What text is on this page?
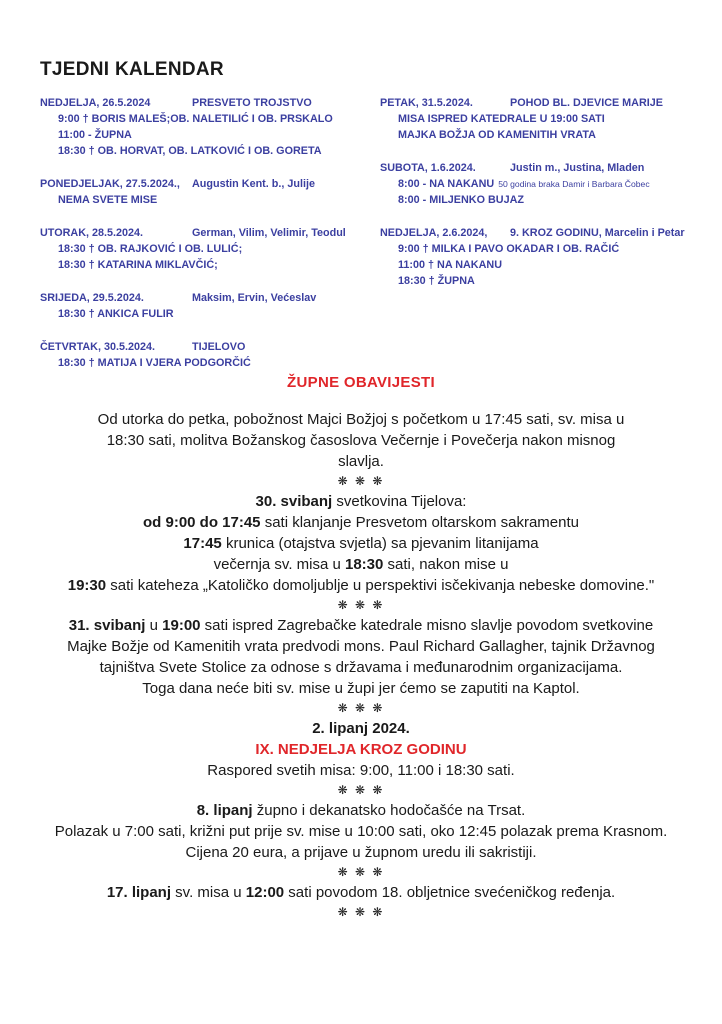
TJEDNI KALENDAR
NEDJELJA, 26.5.2024	PRESVETO TROJSTVO
9:00 † BORIS MALEŠ;OB. NALETILIĆ I OB. PRSKALO
11:00 - ŽUPNA
18:30 † OB. HORVAT, OB. LATKOVIĆ I OB. GORETA
PONEDJELJAK, 27.5.2024., Augustin Kent. b., Julije
NEMA SVETE MISE
UTORAK, 28.5.2024.	German, Vilim, Velimir, Teodul
18:30 † OB. RAJKOVIĆ I OB. LULIĆ;
18:30 † KATARINA MIKLAVČIĆ;
SRIJEDA, 29.5.2024.	Maksim, Ervin, Većeslav
18:30 † ANKICA FULIR
ČETVRTAK, 30.5.2024.	TIJELOVO
18:30 † MATIJA I VJERA PODGORČIĆ
PETAK, 31.5.2024.	POHOD BL. DJEVICE MARIJE
MISA ISPRED KATEDRALE U 19:00 SATI
MAJKA BOŽJA OD KAMENITIH VRATA
SUBOTA, 1.6.2024.	Justin m., Justina, Mladen
8:00 - NA NAKANU 50 godina braka Damir i Barbara Čobec
8:00 - MILJENKO BUJAZ
NEDJELJA, 2.6.2024, 9. KROZ GODINU, Marcelin i Petar
9:00 † MILKA I PAVO OKADAR I OB. RAČIĆ
11:00 † NA NAKANU
18:30 † ŽUPNA
ŽUPNE OBAVIJESTI

Od utorka do petka, pobožnost Majci Božjoj s početkom u 17:45 sati, sv. misa u 18:30 sati, molitva Božanskog časoslova Večernje i Povečerja nakon misnog slavlja.

❋ ❋ ❋

30. svibanj svetkovina Tijelova:

od 9:00 do 17:45 sati klanjanje Presvetom oltarskom sakramentu

17:45 krunica (otajstva svjetla) sa pjevanim litanijama

večernja sv. misa u 18:30 sati, nakon mise u

19:30 sati kateheza „Katoličko domoljublje u perspektivi isčekivanja nebeske domovine."

❋ ❋ ❋

31. svibanj u 19:00 sati ispred Zagrebačke katedrale misno slavlje povodom svetkovine Majke Božje od Kamenitih vrata predvodi mons. Paul Richard Gallagher, tajnik Državnog tajništva Svete Stolice za odnose s državama i međunarodnim organizacijama.

Toga dana neće biti sv. mise u župi jer ćemo se zaputiti na Kaptol.

❋ ❋ ❋

2. lipanj 2024.

IX. NEDJELJA KROZ GODINU

Raspored svetih misa: 9:00, 11:00 i 18:30 sati.

❋ ❋ ❋

8. lipanj župno i dekanatsko hodočašće na Trsat.

Polazak u 7:00 sati, križni put prije sv. mise u 10:00 sati, oko 12:45 polazak prema Krasnom. Cijena 20 eura, a prijave u župnom uredu ili sakristiji.

❋ ❋ ❋

17. lipanj sv. misa u 12:00 sati povodom 18. obljetnice svećeničkog ređenja.

❋ ❋ ❋
